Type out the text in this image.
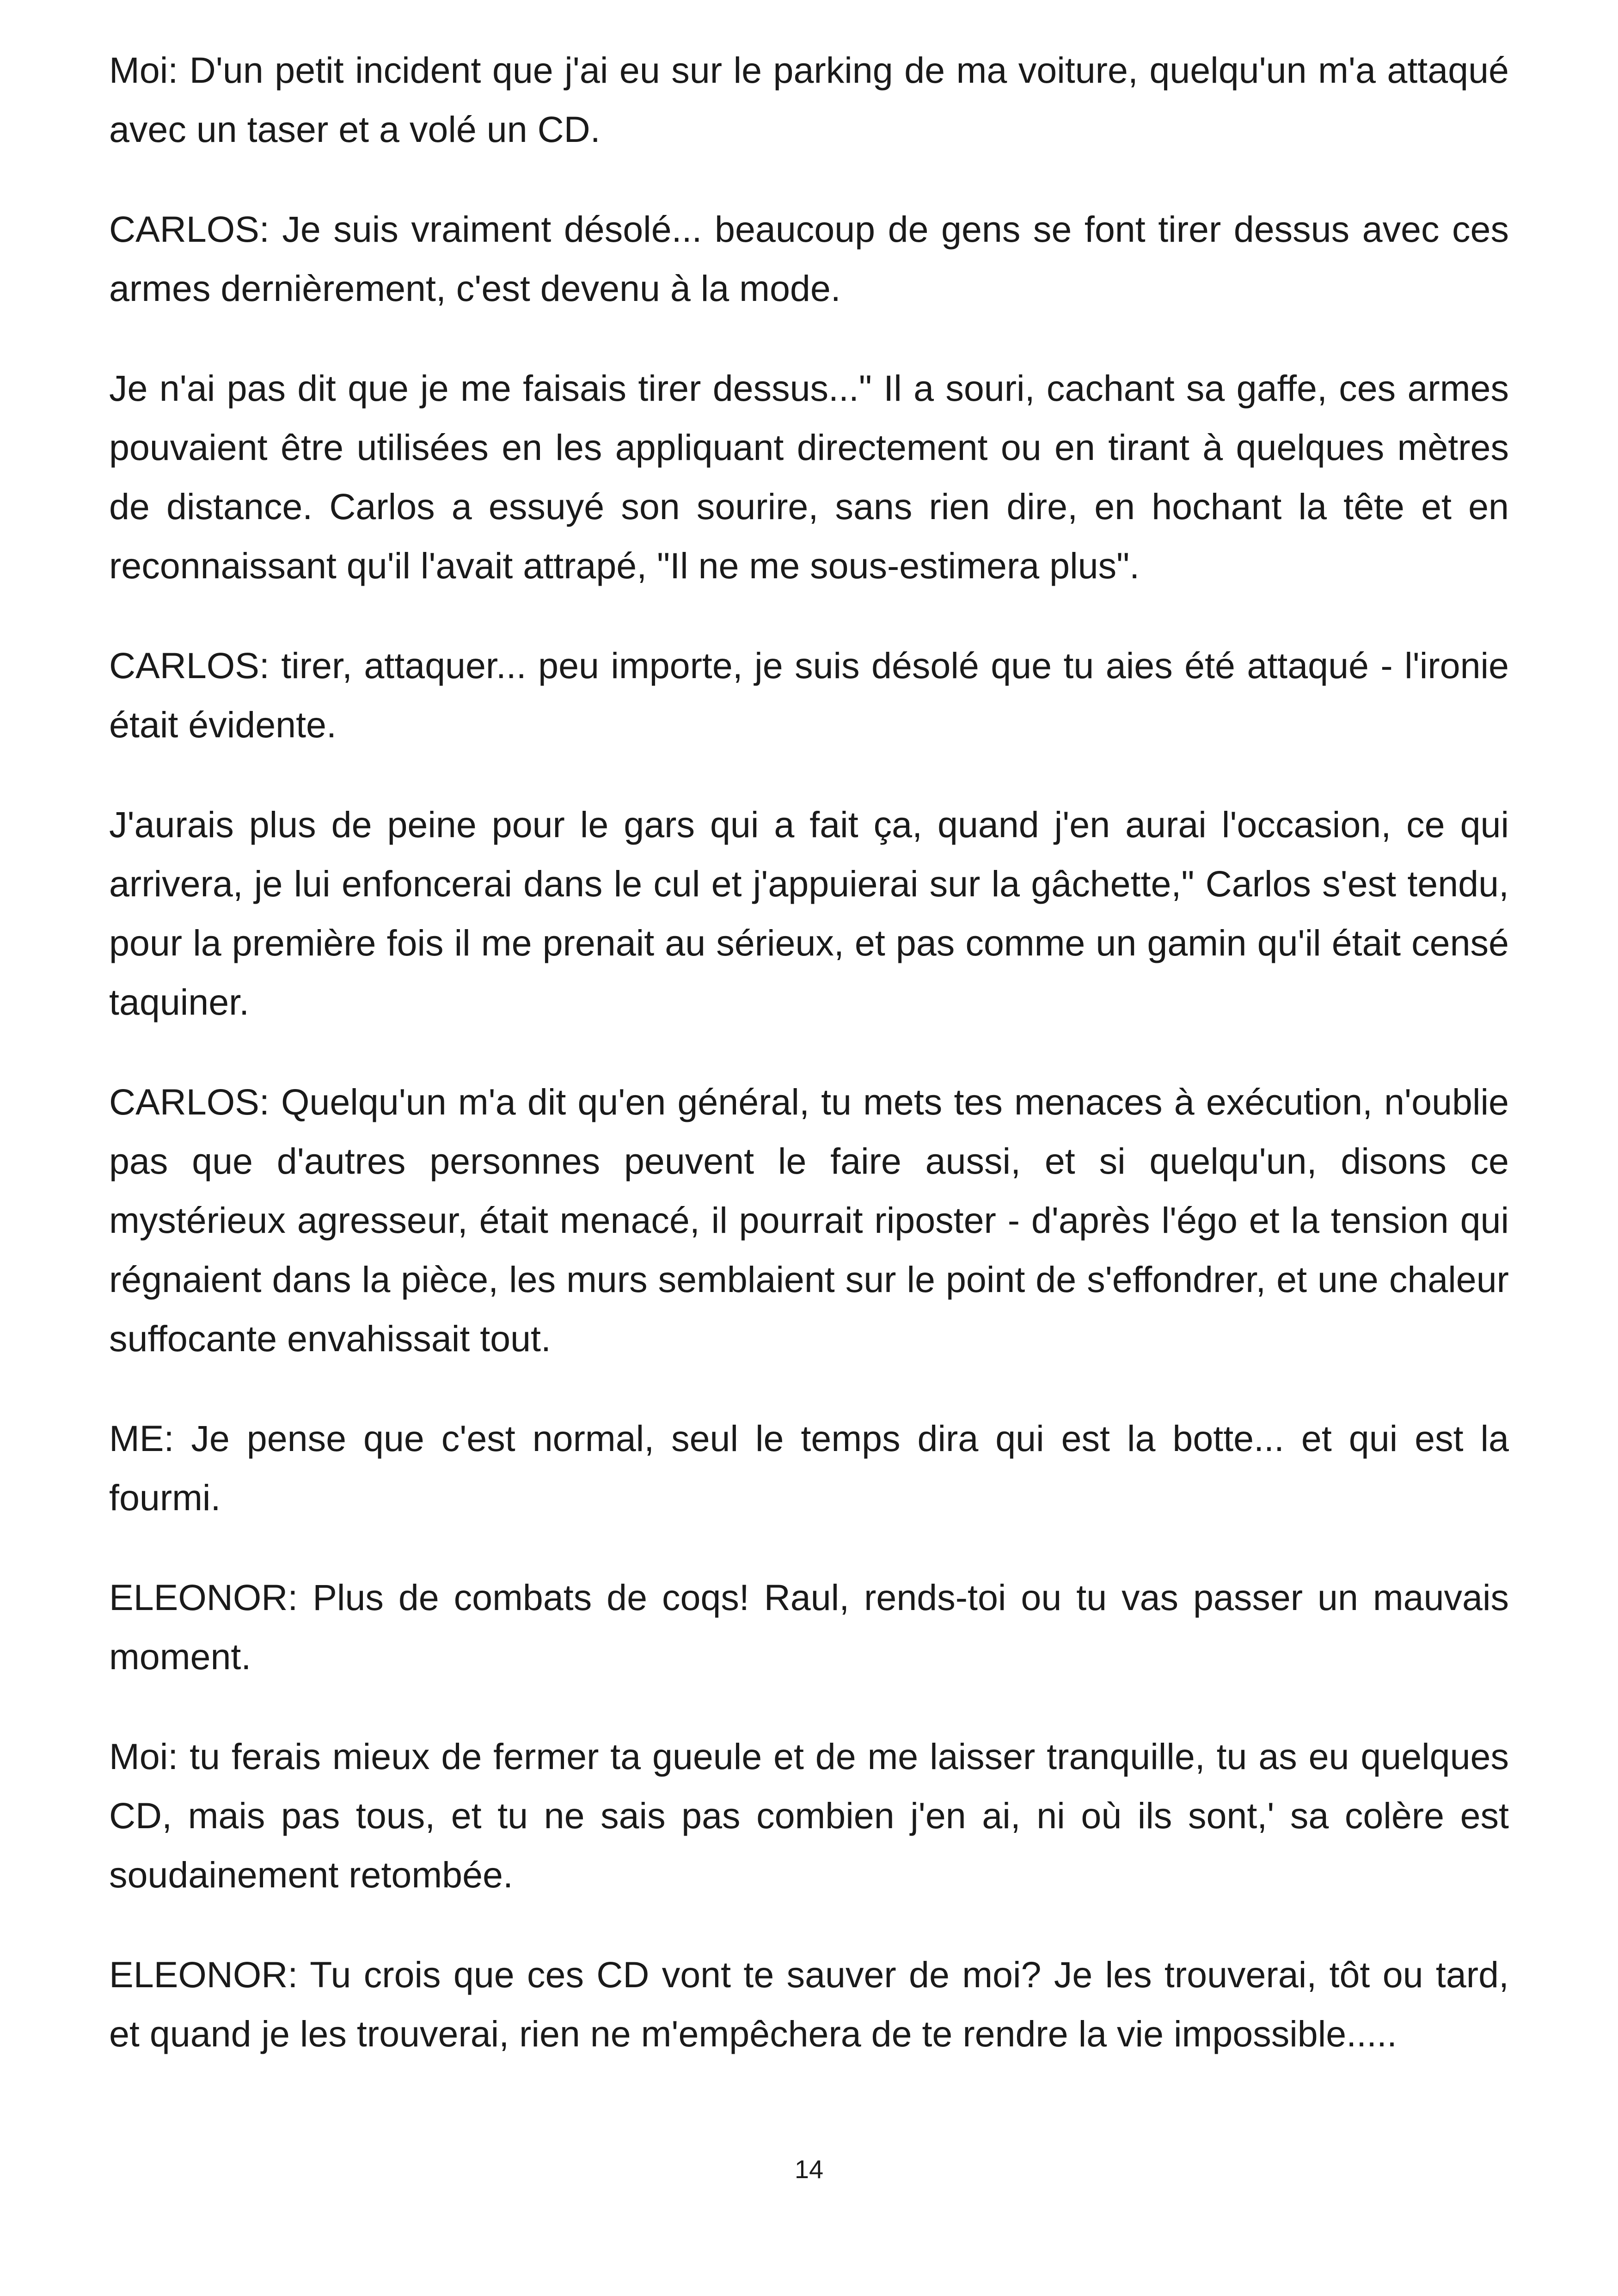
Moi: D'un petit incident que j'ai eu sur le parking de ma voiture, quelqu'un m'a attaqué avec un taser et a volé un CD.

CARLOS: Je suis vraiment désolé... beaucoup de gens se font tirer dessus avec ces armes dernièrement, c'est devenu à la mode.

Je n'ai pas dit que je me faisais tirer dessus..." Il a souri, cachant sa gaffe, ces armes pouvaient être utilisées en les appliquant directement ou en tirant à quelques mètres de distance. Carlos a essuyé son sourire, sans rien dire, en hochant la tête et en reconnaissant qu'il l'avait attrapé, "Il ne me sous-estimera plus".

CARLOS: tirer, attaquer... peu importe, je suis désolé que tu aies été attaqué - l'ironie était évidente.

J'aurais plus de peine pour le gars qui a fait ça, quand j'en aurai l'occasion, ce qui arrivera, je lui enfoncerai dans le cul et j'appuierai sur la gâchette," Carlos s'est tendu, pour la première fois il me prenait au sérieux, et pas comme un gamin qu'il était censé taquiner.

CARLOS: Quelqu'un m'a dit qu'en général, tu mets tes menaces à exécution, n'oublie pas que d'autres personnes peuvent le faire aussi, et si quelqu'un, disons ce mystérieux agresseur, était menacé, il pourrait riposter - d'après l'égo et la tension qui régnaient dans la pièce, les murs semblaient sur le point de s'effondrer, et une chaleur suffocante envahissait tout.

ME: Je pense que c'est normal, seul le temps dira qui est la botte... et qui est la fourmi.

ELEONOR: Plus de combats de coqs! Raul, rends-toi ou tu vas passer un mauvais moment.

Moi: tu ferais mieux de fermer ta gueule et de me laisser tranquille, tu as eu quelques CD, mais pas tous, et tu ne sais pas combien j'en ai, ni où ils sont,' sa colère est soudainement retombée.

ELEONOR: Tu crois que ces CD vont te sauver de moi? Je les trouverai, tôt ou tard, et quand je les trouverai, rien ne m'empêchera de te rendre la vie impossible.....

14
